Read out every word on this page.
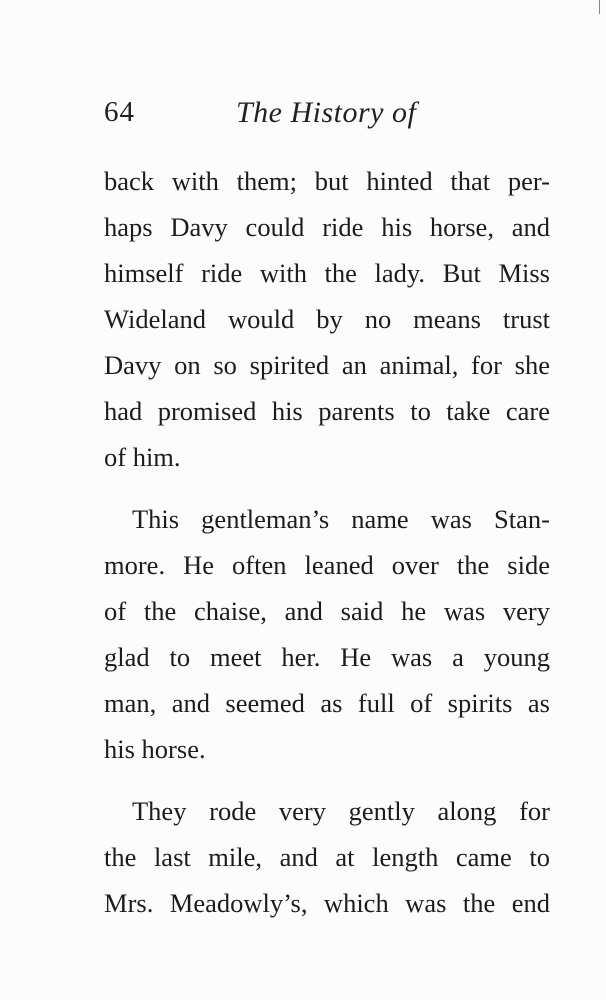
64	The History of

back with them; but hinted that per-
haps Davy could ride his horse, and
himself ride with the lady. But Miss
Wideland would by no means trust
Davy on so spirited an animal, for she
had promised his parents to take care
of him.

This gentleman’s name was Stan-
more. He often leaned over the side
of the chaise, and said he was very
glad to meet her. He was a young
man, and seemed as full of spirits as
his horse.

They rode very gently along for
the last mile, and at length came to
Mrs. Meadowly’s, which was the end
